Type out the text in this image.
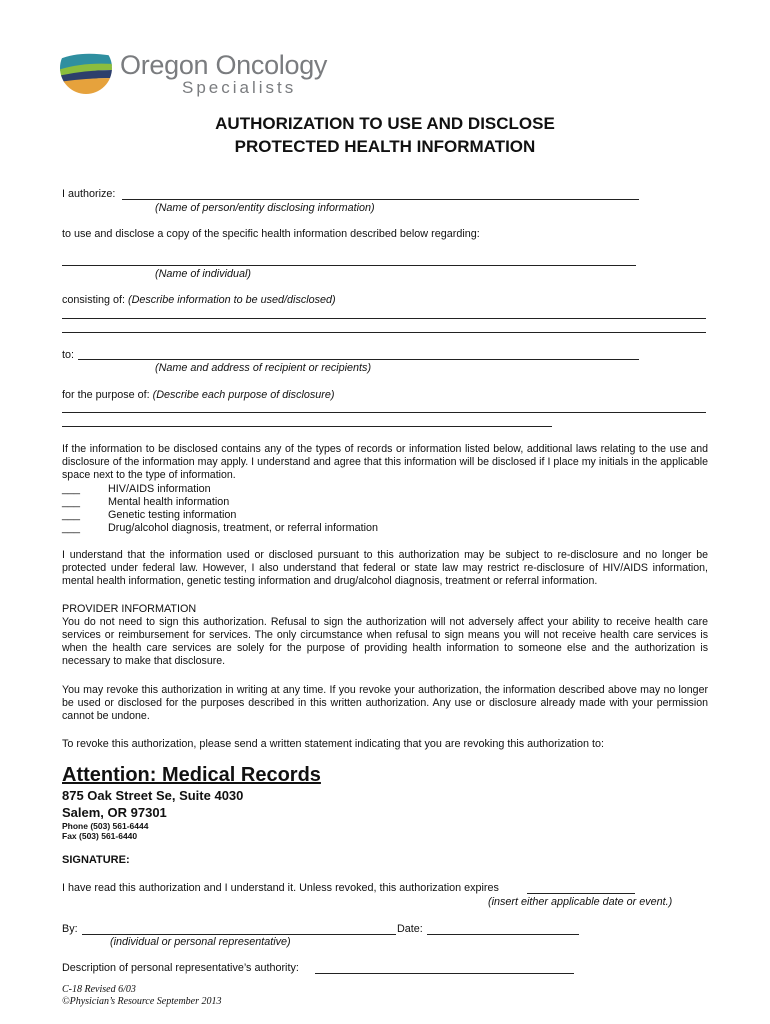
Oregon Oncology
Specialists
AUTHORIZATION TO USE AND DISCLOSE
PROTECTED HEALTH INFORMATION
I authorize:
(Name of person/entity disclosing information)
to use and disclose a copy of the specific health information described below regarding:
(Name of individual)
consisting of: (Describe information to be used/disclosed)
to:
(Name and address of recipient or recipients)
for the purpose of: (Describe each purpose of disclosure)
If the information to be disclosed contains any of the types of records or information listed below, additional laws relating to the use and disclosure of the information may apply. I understand and agree that this information will be disclosed if I place my initials in the applicable space next to the type of information.
___	HIV/AIDS information
___	Mental health information
___	Genetic testing information
___	Drug/alcohol diagnosis, treatment, or referral information
I understand that the information used or disclosed pursuant to this authorization may be subject to re-disclosure and no longer be protected under federal law. However, I also understand that federal or state law may restrict re-disclosure of HIV/AIDS information, mental health information, genetic testing information and drug/alcohol diagnosis, treatment or referral information.
PROVIDER INFORMATION
You do not need to sign this authorization. Refusal to sign the authorization will not adversely affect your ability to receive health care services or reimbursement for services. The only circumstance when refusal to sign means you will not receive health care services is when the health care services are solely for the purpose of providing health information to someone else and the authorization is necessary to make that disclosure.
You may revoke this authorization in writing at any time. If you revoke your authorization, the information described above may no longer be used or disclosed for the purposes described in this written authorization. Any use or disclosure already made with your permission cannot be undone.
To revoke this authorization, please send a written statement indicating that you are revoking this authorization to:
Attention: Medical Records
875 Oak Street Se, Suite 4030
Salem, OR 97301
Phone (503) 561-6444
Fax (503) 561-6440
SIGNATURE:
I have read this authorization and I understand it. Unless revoked, this authorization expires
(insert either applicable date or event.)
By:	Date:
(individual or personal representative)
Description of personal representative’s authority:
C-18 Revised 6/03
©Physician’s Resource September 2013
